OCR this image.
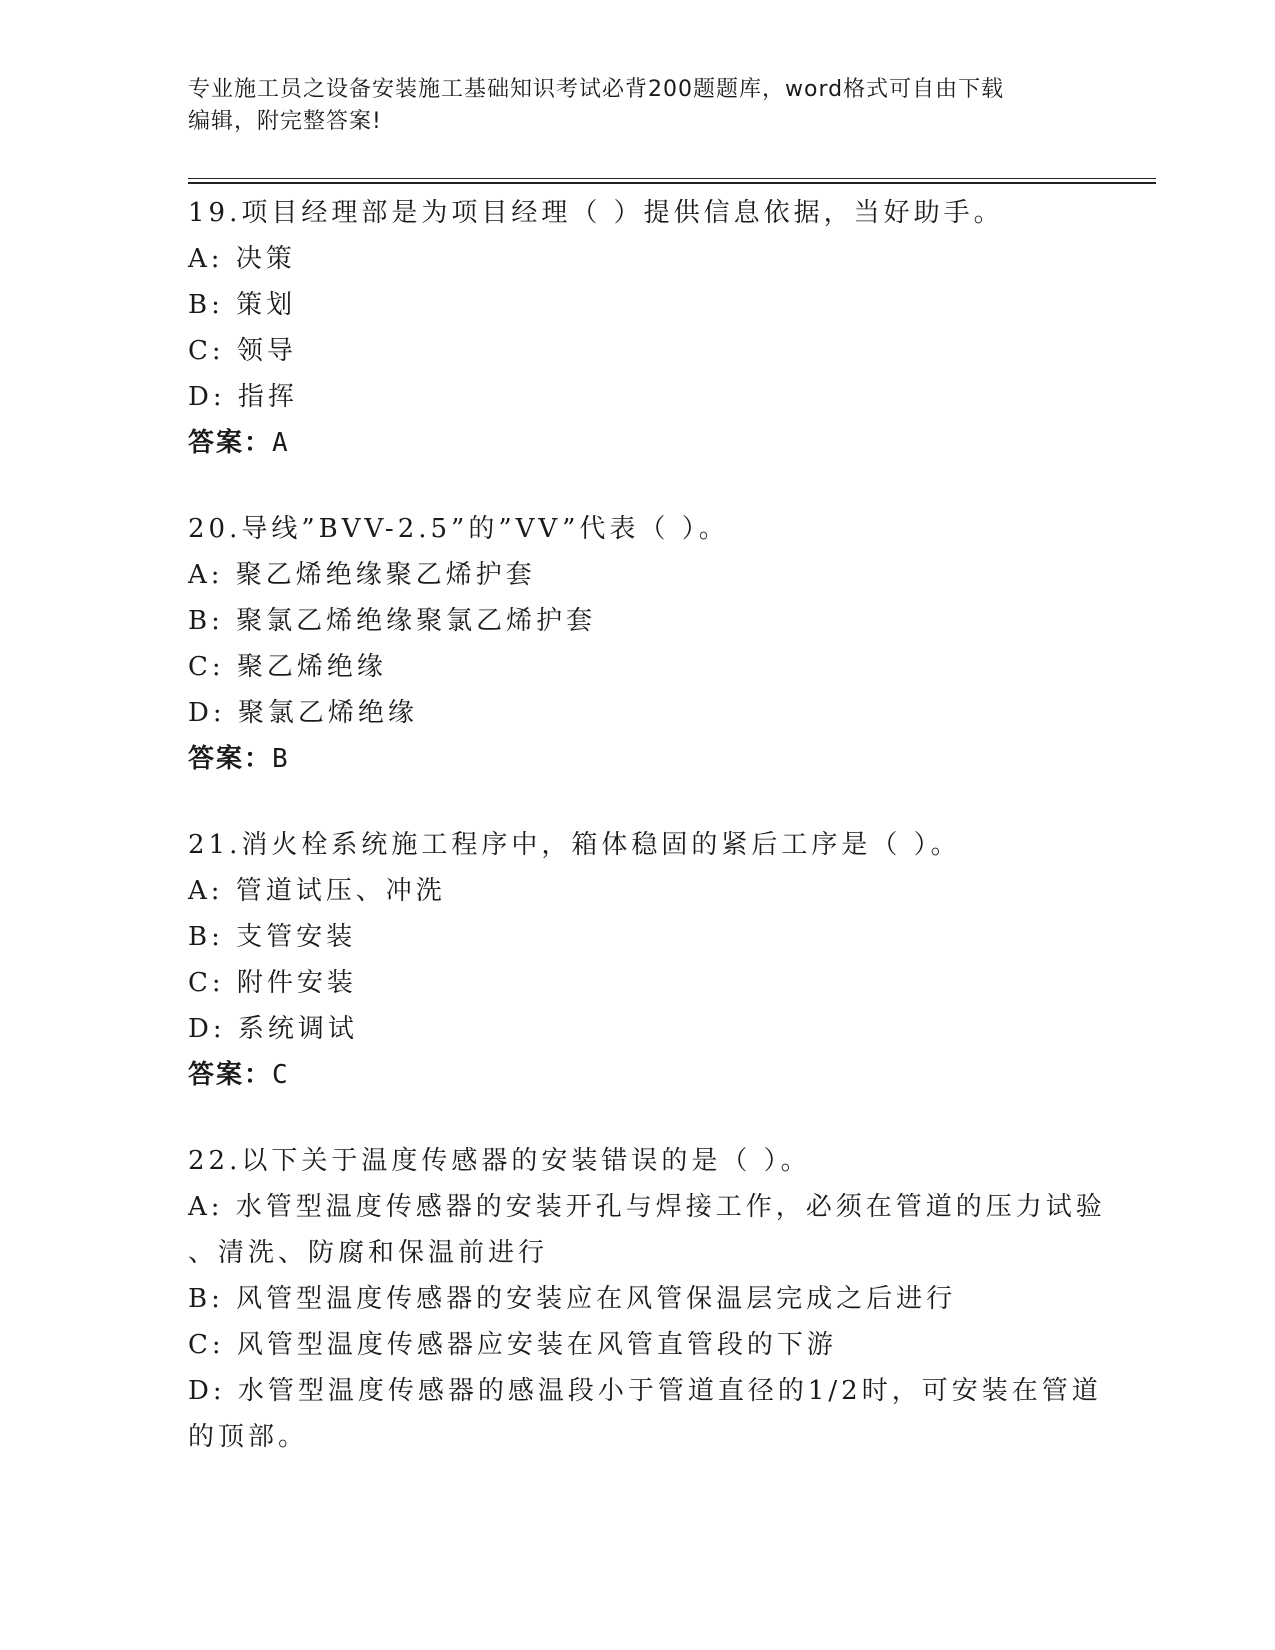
专业施工员之设备安装施工基础知识考试必背200题题库，word格式可自由下载
编辑，附完整答案!
19.项目经理部是为项目经理（ ）提供信息依据，当好助手。
A: 决策
B: 策划
C: 领导
D: 指挥
答案：A
20.导线”BVV-2.5”的”VV”代表（ ）。
A: 聚乙烯绝缘聚乙烯护套
B: 聚氯乙烯绝缘聚氯乙烯护套
C: 聚乙烯绝缘
D: 聚氯乙烯绝缘
答案：B
21.消火栓系统施工程序中，箱体稳固的紧后工序是（ ）。
A: 管道试压、冲洗
B: 支管安装
C: 附件安装
D: 系统调试
答案：C
22.以下关于温度传感器的安装错误的是（ ）。
A: 水管型温度传感器的安装开孔与焊接工作，必须在管道的压力试验
、清洗、防腐和保温前进行
B: 风管型温度传感器的安装应在风管保温层完成之后进行
C: 风管型温度传感器应安装在风管直管段的下游
D: 水管型温度传感器的感温段小于管道直径的1/2时，可安装在管道
的顶部。
